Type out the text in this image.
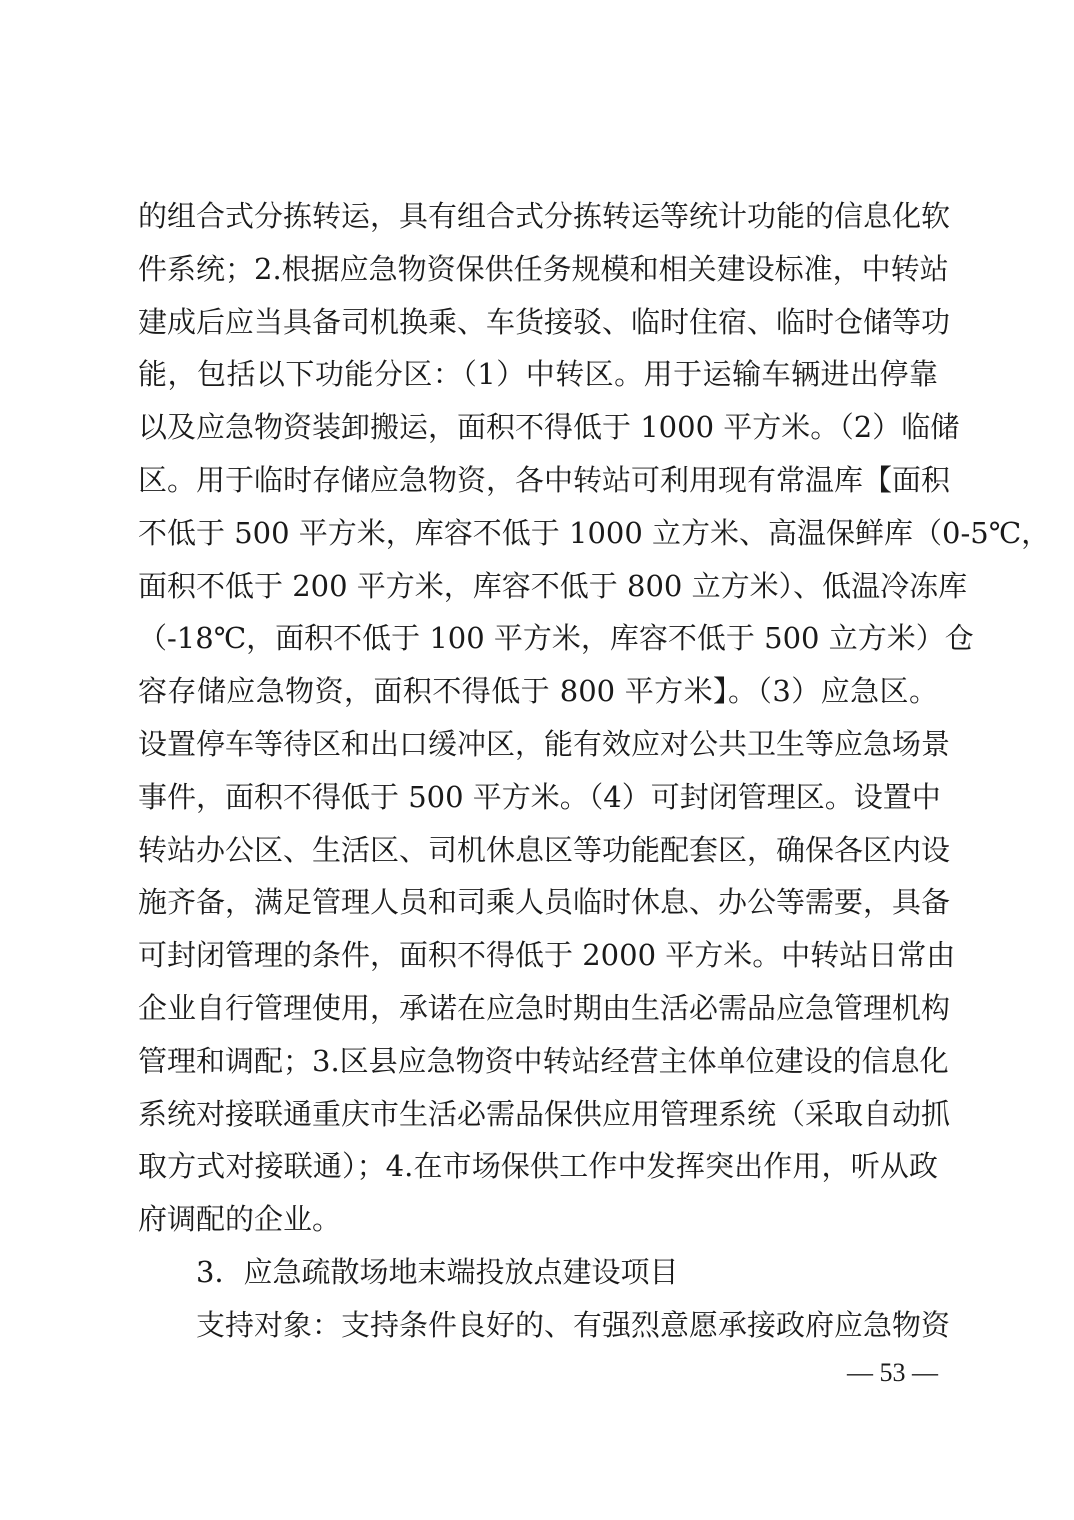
的组合式分拣转运，具有组合式分拣转运等统计功能的信息化软
件系统；2.根据应急物资保供任务规模和相关建设标准，中转站
建成后应当具备司机换乘、车货接驳、临时住宿、临时仓储等功
能，包括以下功能分区：（1）中转区。用于运输车辆进出停靠
以及应急物资装卸搬运，面积不得低于 1000 平方米。（2）临储
区。用于临时存储应急物资，各中转站可利用现有常温库【面积
不低于 500 平方米，库容不低于 1000 立方米、高温保鲜库（0-5℃，
面积不低于 200 平方米，库容不低于 800 立方米）、低温冷冻库
（-18℃，面积不低于 100 平方米，库容不低于 500 立方米）仓
容存储应急物资，面积不得低于 800 平方米】。（3）应急区。
设置停车等待区和出口缓冲区，能有效应对公共卫生等应急场景
事件，面积不得低于 500 平方米。（4）可封闭管理区。设置中
转站办公区、生活区、司机休息区等功能配套区，确保各区内设
施齐备，满足管理人员和司乘人员临时休息、办公等需要，具备
可封闭管理的条件，面积不得低于 2000 平方米。中转站日常由
企业自行管理使用，承诺在应急时期由生活必需品应急管理机构
管理和调配；3.区县应急物资中转站经营主体单位建设的信息化
系统对接联通重庆市生活必需品保供应用管理系统（采取自动抓
取方式对接联通）；4.在市场保供工作中发挥突出作用，听从政
府调配的企业。
3．应急疏散场地末端投放点建设项目
支持对象：支持条件良好的、有强烈意愿承接政府应急物资
— 53 —
